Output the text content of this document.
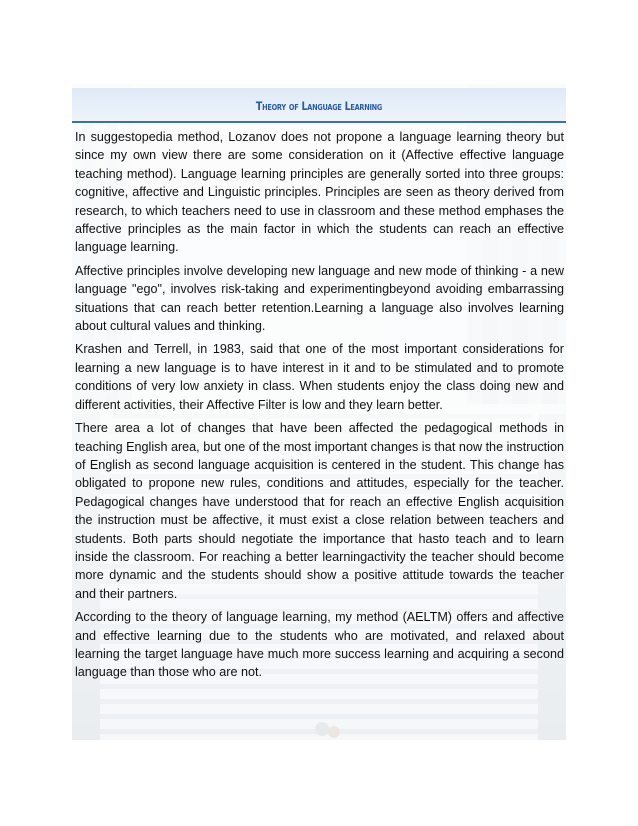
Theory of Language Learning

In suggestopedia method, Lozanov does not propone a language learning theory but since my own view there are some consideration on it (Affective effective language teaching method). Language learning principles are generally sorted into three groups: cognitive, affective and Linguistic principles. Principles are seen as theory derived from research, to which teachers need to use in classroom and these method emphases the affective principles as the main factor in which the students can reach an effective language learning.

Affective principles involve developing new language and new mode of thinking - a new language "ego", involves risk-taking and experimentingbeyond avoiding embarrassing situations that can reach better retention.Learning a language also involves learning about cultural values and thinking.

Krashen and Terrell, in 1983, said that one of the most important considerations for learning a new language is to have interest in it and to be stimulated and to promote conditions of very low anxiety in class. When students enjoy the class doing new and different activities, their Affective Filter is low and they learn better.

There area a lot of changes that have been affected the pedagogical methods in teaching English area, but one of the most important changes is that now the instruction of English as second language acquisition is centered in the student. This change has obligated to propone new rules, conditions and attitudes, especially for the teacher. Pedagogical changes have understood that for reach an effective English acquisition the instruction must be affective, it must exist a close relation between teachers and students. Both parts should negotiate the importance that hasto teach and to learn inside the classroom. For reaching a better learningactivity the teacher should become more dynamic and the students should show a positive attitude towards the teacher and their partners.

According to the theory of language learning, my method (AELTM) offers and affective and effective learning due to the students who are motivated, and relaxed about learning the target language have much more success learning and acquiring a second language than those who are not.
